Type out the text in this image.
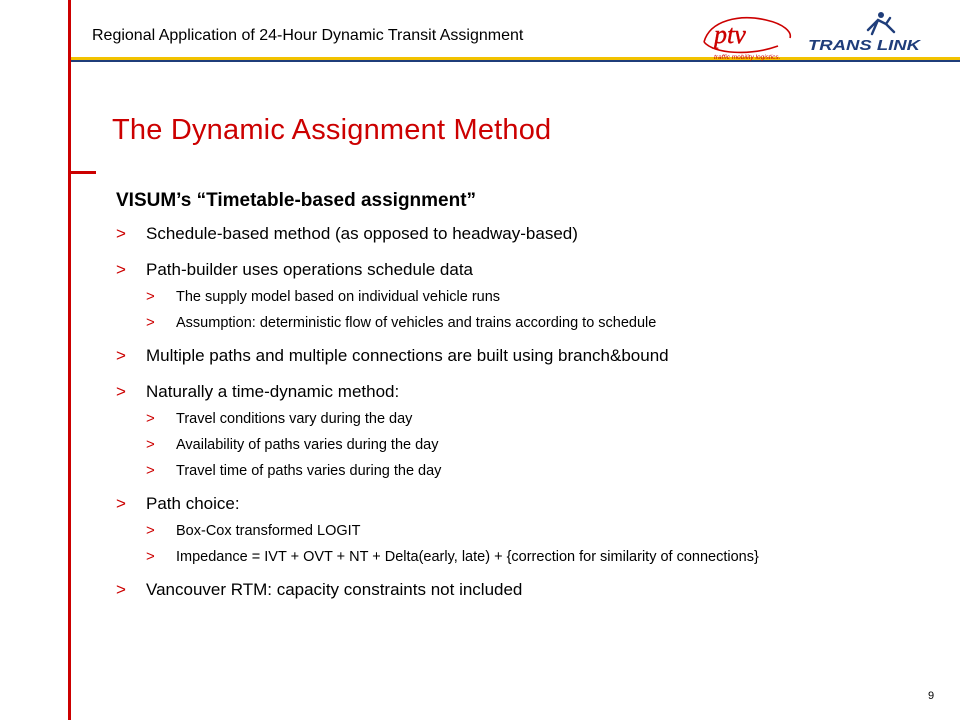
Regional Application of 24-Hour Dynamic Transit Assignment	ptv
traffic mobility logistics.
TRANS LINK
The Dynamic Assignment Method
VISUM’s “Timetable-based assignment”
> Schedule-based method (as opposed to headway-based)
> Path-builder uses operations schedule data
> The supply model based on individual vehicle runs
> Assumption: deterministic flow of vehicles and trains according to schedule
> Multiple paths and multiple connections are built using branch&bound
> Naturally a time-dynamic method:
> Travel conditions vary during the day
> Availability of paths varies during the day
> Travel time of paths varies during the day
> Path choice:
> Box-Cox transformed LOGIT
> Impedance = IVT + OVT + NT + Delta(early, late) + {correction for similarity of connections}
> Vancouver RTM: capacity constraints not included
9
